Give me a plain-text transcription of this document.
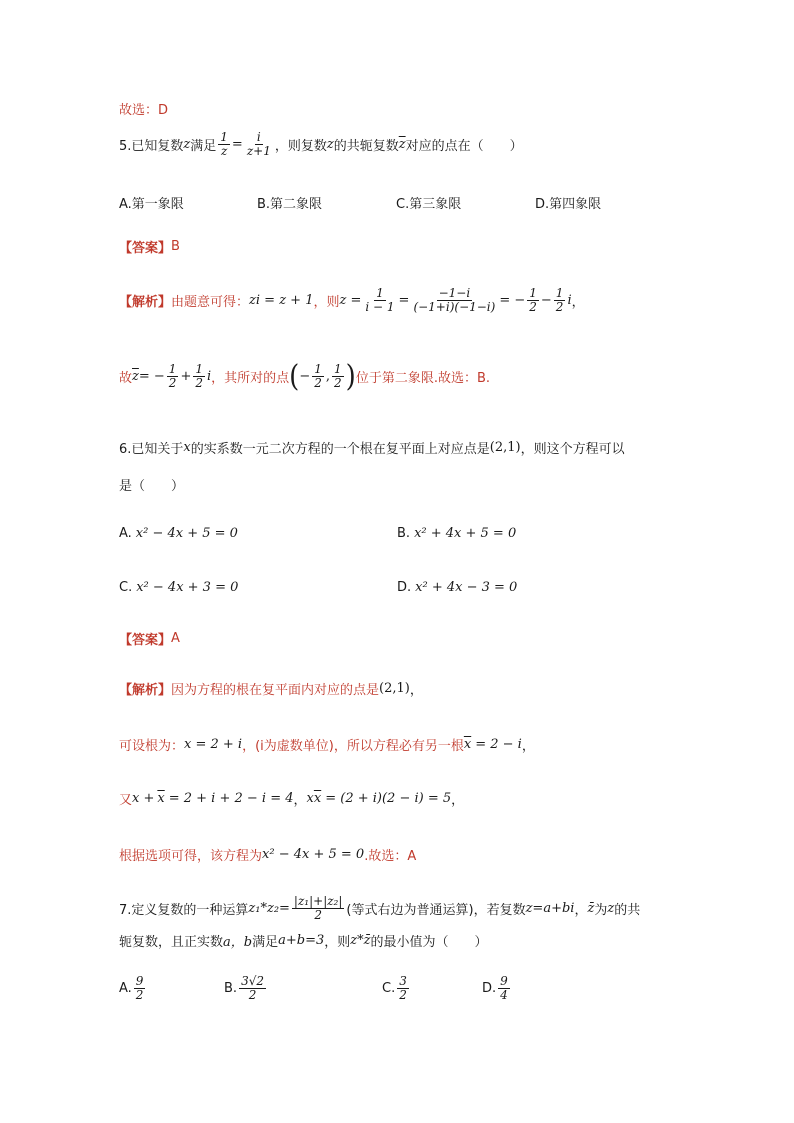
故选：D
5.已知复数 z 满足 $\frac{1}{z} = \frac{i}{z+1}$ ，则复数 z 的共轭复数 $\overline{z}$ 对应的点在（　　）
A.第一象限	B.第二象限	C.第三象限	D.第四象限
【答案】 B
【解析】 由题意可得： zi = z + 1 ，则 $z = \frac{1}{i - 1} = \frac{-1-i}{(-1+i)(-1-i)}$ = − $\frac{1}{2} - \frac{1}{2}$ i ，
故 $\overline{z}$ = − $\frac{1}{2} + \frac{1}{2}$ i ，其所对的点 ( − $\frac{1}{2}$ , $\frac{1}{2}$ ) 位于第二象限.故选：B.
6.已知关于 x 的实系数一元二次方程的一个根在复平面上对应点是 (2,1) ，则这个方程可以
是（　　）
A. x² − 4x + 5 = 0	B. x² + 4x + 5 = 0
C. x² − 4x + 3 = 0	D. x² + 4x − 3 = 0
【答案】 A
【解析】 因为方程的根在复平面内对应的点是 (2,1) ，
可设根为： x = 2 + i ，(i为虚数单位)，所以方程必有另一根 $\overline{x} = 2 - i$ ，
又 $x + \overline{x} = 2 + i + 2 - i = 4$ ， x $\overline{x} = (2 + i)(2 - i) = 5$ ，
根据选项可得，该方程为 x² − 4x + 5 = 0 .故选：A
7.定义复数的一种运算 $z_1*z_2= \frac{\text{|z₁|+|z₂|}}{2}$ (等式右边为普通运算)，若复数 z=a+bi ， z̄ 为 z 的共
轭复数，且正实数 a，b 满足 a+b=3 ，则 z*z̄ 的最小值为（　　）
A. $\frac{9}{2}$	B. $\frac{3√2}{2}$	C. $\frac{3}{2}$	D. $\frac{9}{4}$
